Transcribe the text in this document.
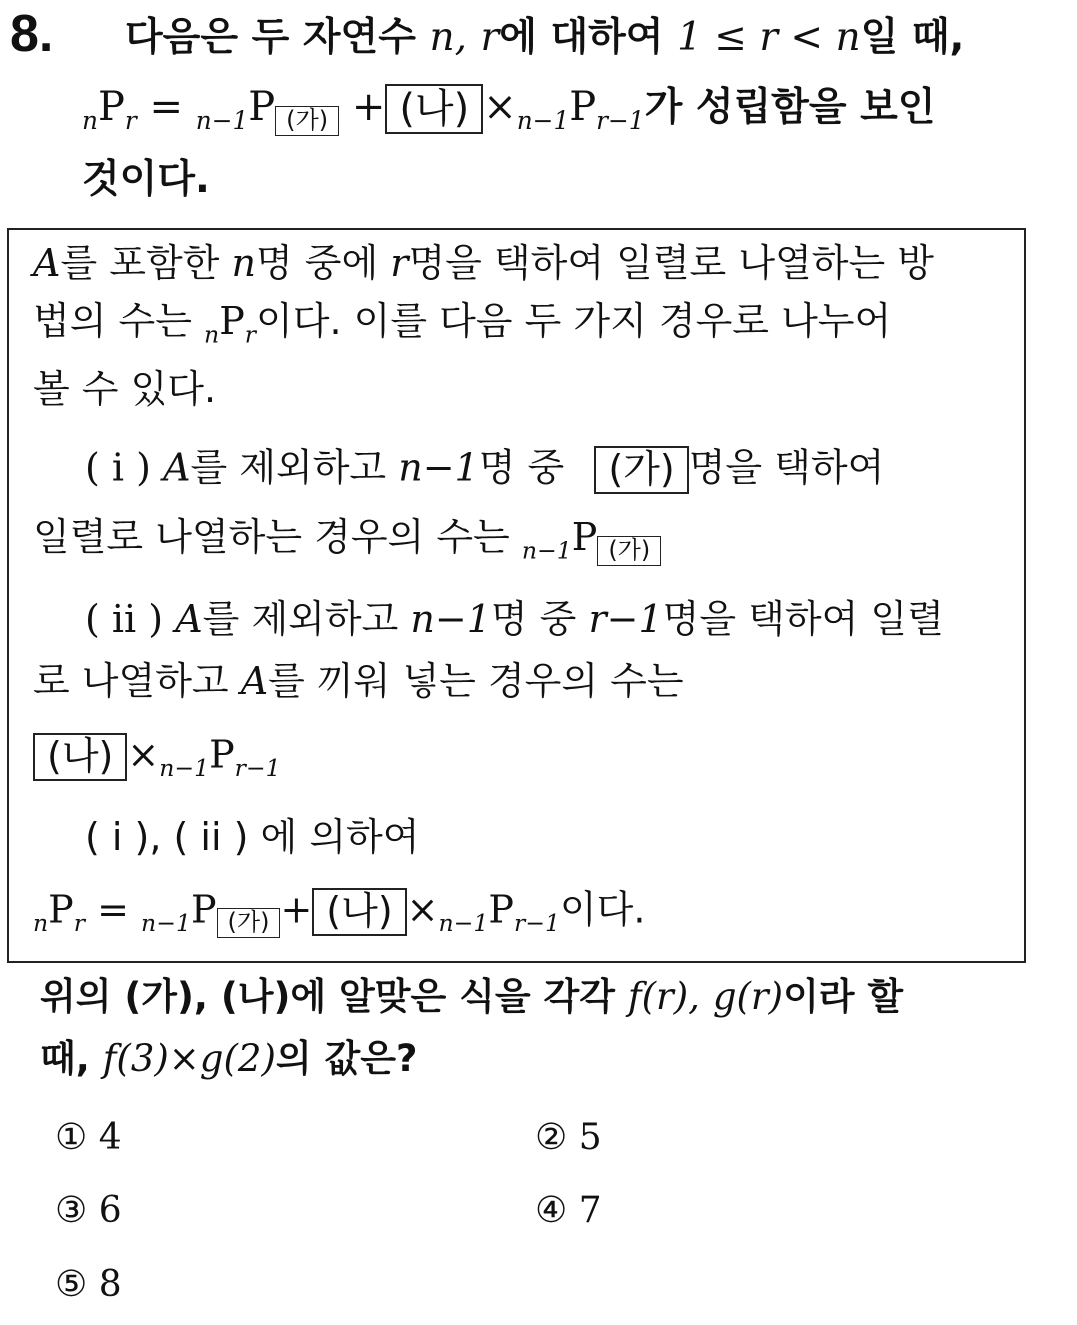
8. 다음은 두 자연수 n, r에 대하여 1 ≤ r < n일 때,
$_nP_r = _{n-1}P$ (가) + (나) $\times_{n-1}P_{r-1}$가 성립함을 보인
것이다.
A를 포함한 n명 중에 r명을 택하여 일렬로 나열하는 방
법의 수는 $_nP_r$이다. 이를 다음 두 가지 경우로 나누어
볼 수 있다.
( i ) A를 제외하고 n−1명 중 (가) 명을 택하여
일렬로 나열하는 경우의 수는 $_{n-1}$P (가)
( ii ) A를 제외하고 n−1명 중 r−1명을 택하여 일렬
로 나열하고 A를 끼워 넣는 경우의 수는
(나) $\times_{n-1}P_{r-1}$
( i ), ( ii ) 에 의하여
$_nP_r = _{n-1}P$ (가) + (나) $\times_{n-1}P_{r-1}$이다.
위의 (가), (나)에 알맞은 식을 각각 f(r), g(r)이라 할
때, f(3)×g(2)의 값은?
① 4	② 5
③ 6	④ 7
⑤ 8
